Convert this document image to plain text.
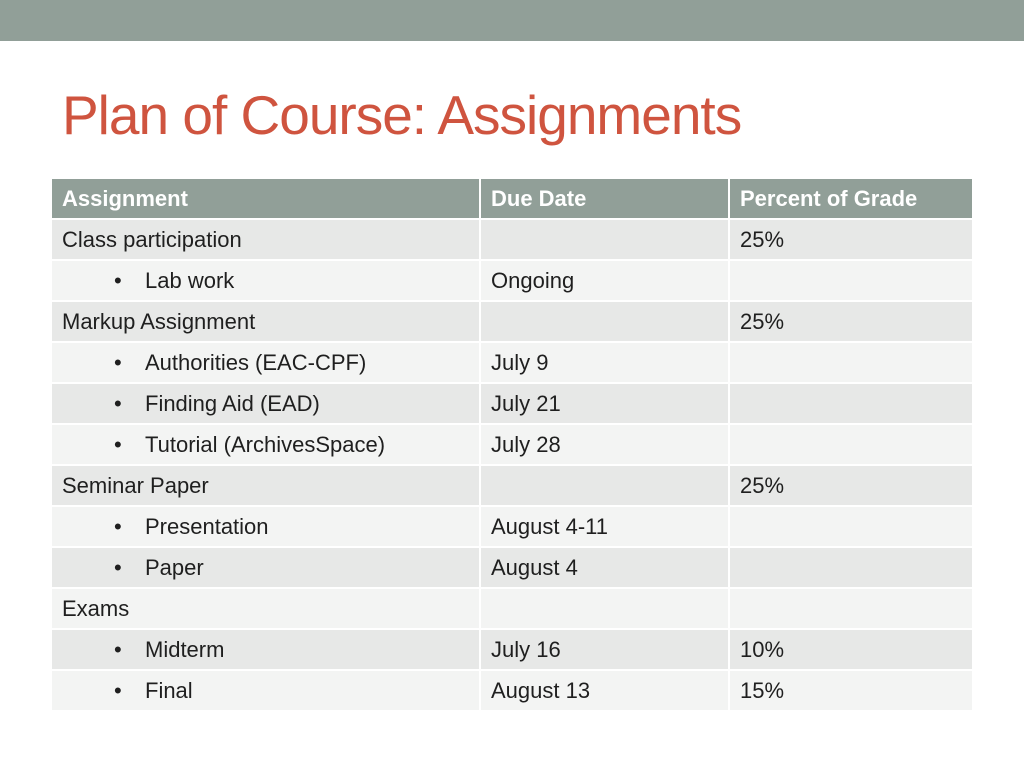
Plan of Course: Assignments
Assignment	Due Date	Percent of Grade
Class participation		25%
• Lab work	Ongoing	
Markup Assignment		25%
• Authorities (EAC-CPF)	July 9	
• Finding Aid (EAD)	July 21	
• Tutorial (ArchivesSpace)	July 28	
Seminar Paper		25%
• Presentation	August 4-11	
• Paper	August 4	
Exams		
• Midterm	July 16	10%
• Final	August 13	15%
